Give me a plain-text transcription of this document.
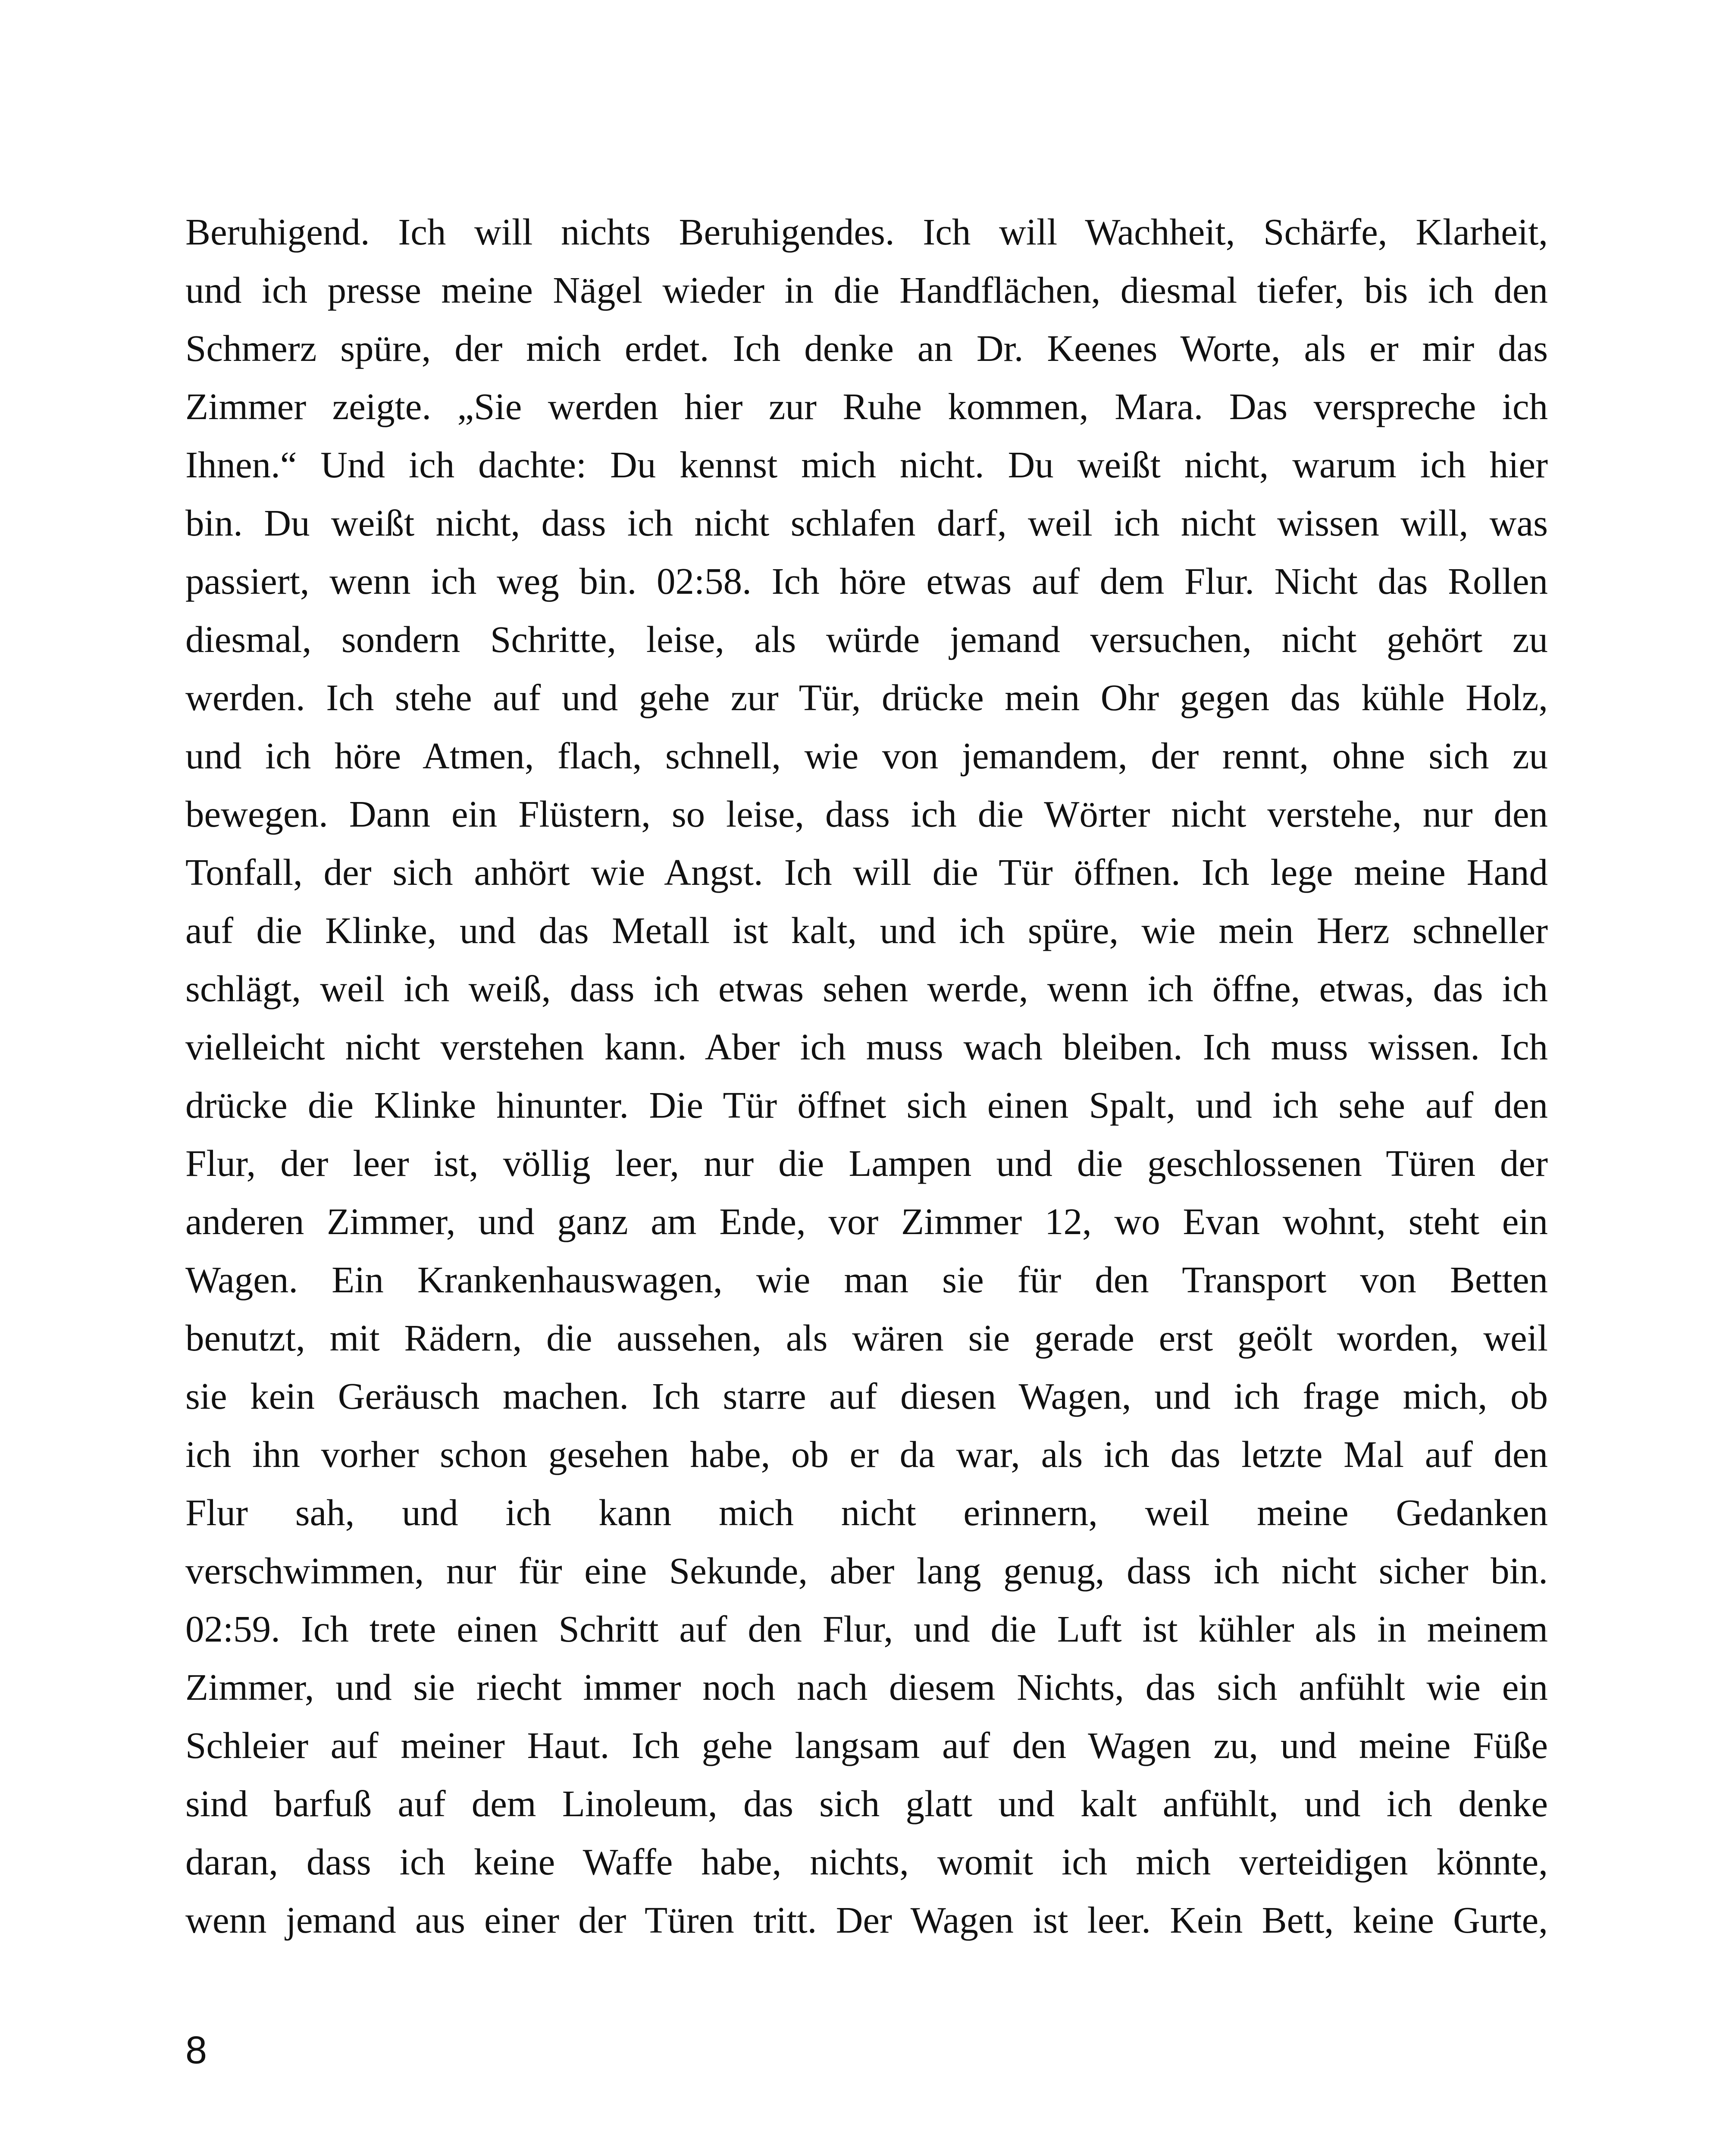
Beruhigend. Ich will nichts Beruhigendes. Ich will Wachheit, Schärfe, Klarheit,
und ich presse meine Nägel wieder in die Handflächen, diesmal tiefer, bis ich den
Schmerz spüre, der mich erdet. Ich denke an Dr. Keenes Worte, als er mir das
Zimmer zeigte. „Sie werden hier zur Ruhe kommen, Mara. Das verspreche ich
Ihnen.“ Und ich dachte: Du kennst mich nicht. Du weißt nicht, warum ich hier
bin. Du weißt nicht, dass ich nicht schlafen darf, weil ich nicht wissen will, was
passiert, wenn ich weg bin. 02:58. Ich höre etwas auf dem Flur. Nicht das Rollen
diesmal, sondern Schritte, leise, als würde jemand versuchen, nicht gehört zu
werden. Ich stehe auf und gehe zur Tür, drücke mein Ohr gegen das kühle Holz,
und ich höre Atmen, flach, schnell, wie von jemandem, der rennt, ohne sich zu
bewegen. Dann ein Flüstern, so leise, dass ich die Wörter nicht verstehe, nur den
Tonfall, der sich anhört wie Angst. Ich will die Tür öffnen. Ich lege meine Hand
auf die Klinke, und das Metall ist kalt, und ich spüre, wie mein Herz schneller
schlägt, weil ich weiß, dass ich etwas sehen werde, wenn ich öffne, etwas, das ich
vielleicht nicht verstehen kann. Aber ich muss wach bleiben. Ich muss wissen. Ich
drücke die Klinke hinunter. Die Tür öffnet sich einen Spalt, und ich sehe auf den
Flur, der leer ist, völlig leer, nur die Lampen und die geschlossenen Türen der
anderen Zimmer, und ganz am Ende, vor Zimmer 12, wo Evan wohnt, steht ein
Wagen. Ein Krankenhauswagen, wie man sie für den Transport von Betten
benutzt, mit Rädern, die aussehen, als wären sie gerade erst geölt worden, weil
sie kein Geräusch machen. Ich starre auf diesen Wagen, und ich frage mich, ob
ich ihn vorher schon gesehen habe, ob er da war, als ich das letzte Mal auf den
Flur sah, und ich kann mich nicht erinnern, weil meine Gedanken
verschwimmen, nur für eine Sekunde, aber lang genug, dass ich nicht sicher bin.
02:59. Ich trete einen Schritt auf den Flur, und die Luft ist kühler als in meinem
Zimmer, und sie riecht immer noch nach diesem Nichts, das sich anfühlt wie ein
Schleier auf meiner Haut. Ich gehe langsam auf den Wagen zu, und meine Füße
sind barfuß auf dem Linoleum, das sich glatt und kalt anfühlt, und ich denke
daran, dass ich keine Waffe habe, nichts, womit ich mich verteidigen könnte,
wenn jemand aus einer der Türen tritt. Der Wagen ist leer. Kein Bett, keine Gurte,
8
